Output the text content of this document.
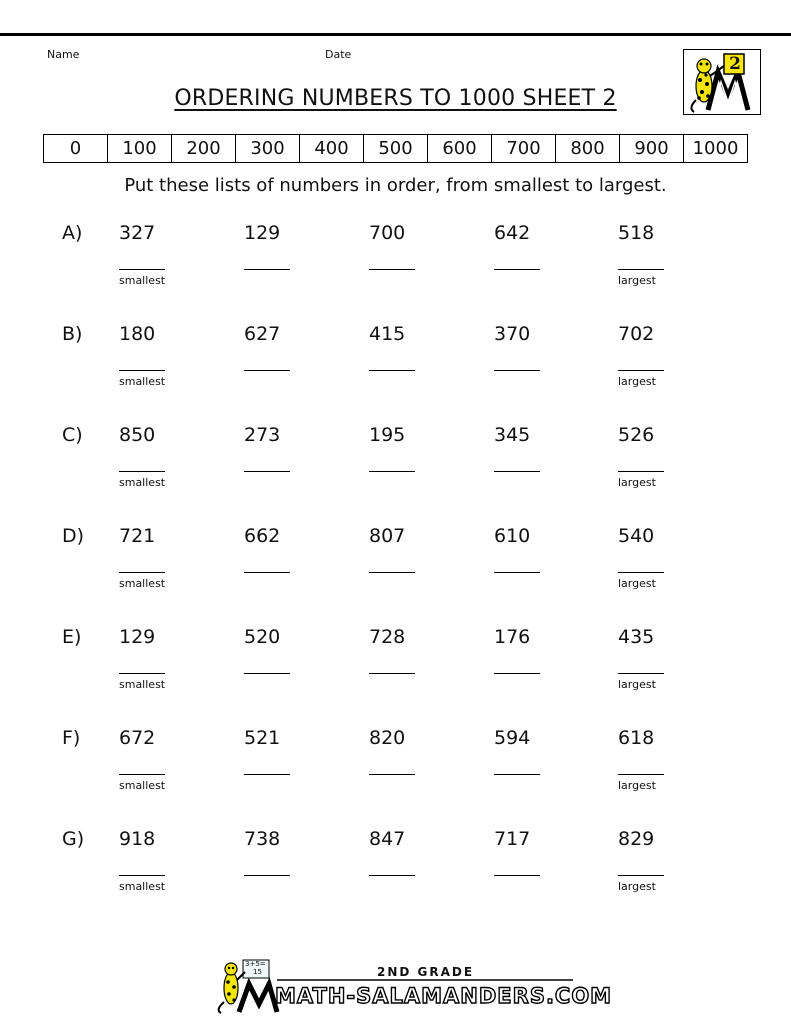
Name	Date
ORDERING NUMBERS TO 1000 SHEET 2
2
0	100	200	300	400	500	600	700	800	900	1000
Put these lists of numbers in order, from smallest to largest.
A) 327	129	700	642	518
smallest	largest
B) 180	627	415	370	702
smallest	largest
C) 850	273	195	345	526
smallest	largest
D) 721	662	807	610	540
smallest	largest
E) 129	520	728	176	435
smallest	largest
F) 672	521	820	594	618
smallest	largest
G) 918	738	847	717	829
smallest	largest
3+5=
15	2ND GRADE
MATH-SALAMANDERS.COM
